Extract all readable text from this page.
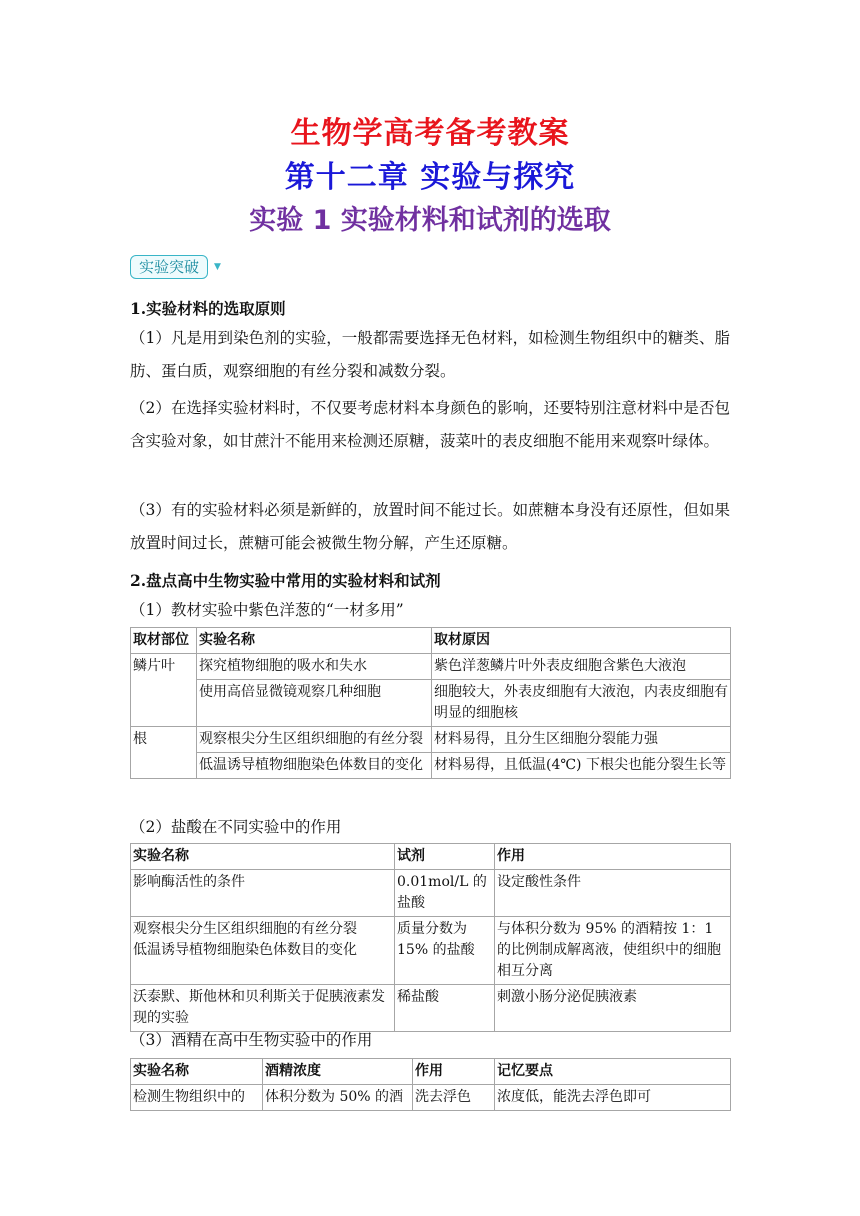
生物学高考备考教案
第十二章 实验与探究
实验 1 实验材料和试剂的选取
实验突破	▼
1.实验材料的选取原则
（1）凡是用到染色剂的实验，一般都需要选择无色材料，如检测生物组织中的糖类、脂肪、蛋白质，观察细胞的有丝分裂和减数分裂。
（2）在选择实验材料时，不仅要考虑材料本身颜色的影响，还要特别注意材料中是否包含实验对象，如甘蔗汁不能用来检测还原糖，菠菜叶的表皮细胞不能用来观察叶绿体。
（3）有的实验材料必须是新鲜的，放置时间不能过长。如蔗糖本身没有还原性，但如果放置时间过长，蔗糖可能会被微生物分解，产生还原糖。
2.盘点高中生物实验中常用的实验材料和试剂
（1）教材实验中紫色洋葱的“一材多用”
取材部位	实验名称	取材原因
鳞片叶	探究植物细胞的吸水和失水	紫色洋葱鳞片叶外表皮细胞含紫色大液泡
	使用高倍显微镜观察几种细胞	细胞较大，外表皮细胞有大液泡，内表皮细胞有明显的细胞核
根	观察根尖分生区组织细胞的有丝分裂	材料易得，且分生区细胞分裂能力强
	低温诱导植物细胞染色体数目的变化	材料易得，且低温(4℃) 下根尖也能分裂生长等
（2）盐酸在不同实验中的作用
实验名称	试剂	作用
影响酶活性的条件	0.01mol/L 的盐酸	设定酸性条件

观察根尖分生区组织细胞的有丝分裂
低温诱导植物细胞染色体数目的变化	质量分数为15% 的盐酸	与体积分数为 95% 的酒精按 1：1 的比例制成解离液，使组织中的细胞相互分离
沃泰默、斯他林和贝利斯关于促胰液素发现的实验	稀盐酸	刺激小肠分泌促胰液素
（3）酒精在高中生物实验中的作用
实验名称	酒精浓度	作用	记忆要点
检测生物组织中的	体积分数为 50% 的酒	洗去浮色	浓度低，能洗去浮色即可
